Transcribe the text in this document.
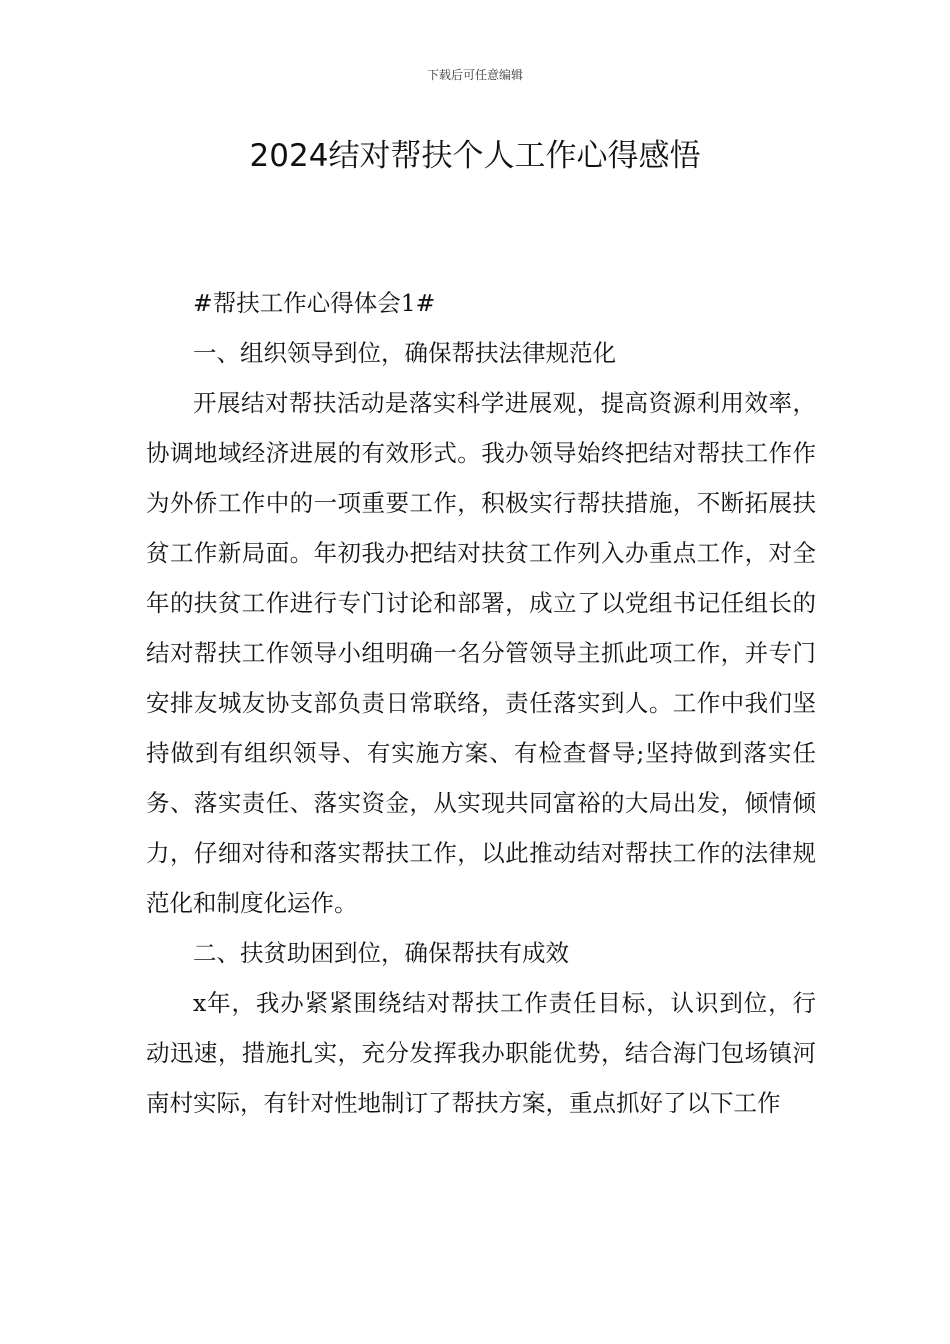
下载后可任意编辑
2024结对帮扶个人工作心得感悟

#帮扶工作心得体会1#

一、组织领导到位，确保帮扶法律规范化

开展结对帮扶活动是落实科学进展观，提高资源利用效率，协调地域经济进展的有效形式。我办领导始终把结对帮扶工作作为外侨工作中的一项重要工作，积极实行帮扶措施，不断拓展扶贫工作新局面。年初我办把结对扶贫工作列入办重点工作，对全年的扶贫工作进行专门讨论和部署，成立了以党组书记任组长的结对帮扶工作领导小组明确一名分管领导主抓此项工作，并专门安排友城友协支部负责日常联络，责任落实到人。工作中我们坚持做到有组织领导、有实施方案、有检查督导;坚持做到落实任务、落实责任、落实资金，从实现共同富裕的大局出发，倾情倾力，仔细对待和落实帮扶工作，以此推动结对帮扶工作的法律规范化和制度化运作。

二、扶贫助困到位，确保帮扶有成效

x年，我办紧紧围绕结对帮扶工作责任目标，认识到位，行动迅速，措施扎实，充分发挥我办职能优势，结合海门包场镇河南村实际，有针对性地制订了帮扶方案，重点抓好了以下工作
